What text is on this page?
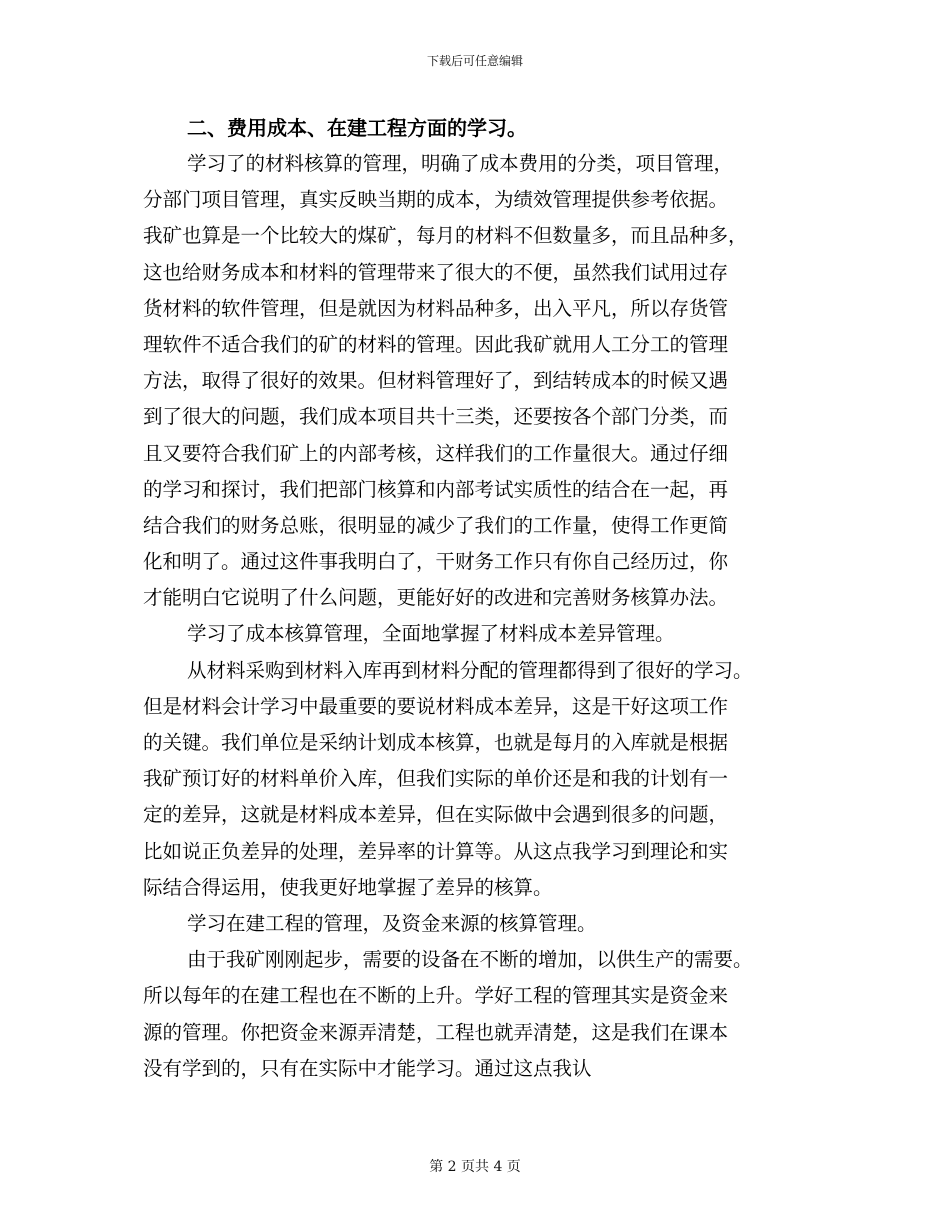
下载后可任意编辑
二、费用成本、在建工程方面的学习。
学习了的材料核算的管理，明确了成本费用的分类，项目管理，
分部门项目管理，真实反映当期的成本，为绩效管理提供参考依据。
我矿也算是一个比较大的煤矿，每月的材料不但数量多，而且品种多，
这也给财务成本和材料的管理带来了很大的不便，虽然我们试用过存
货材料的软件管理，但是就因为材料品种多，出入平凡，所以存货管
理软件不适合我们的矿的材料的管理。因此我矿就用人工分工的管理
方法，取得了很好的效果。但材料管理好了，到结转成本的时候又遇
到了很大的问题，我们成本项目共十三类，还要按各个部门分类，而
且又要符合我们矿上的内部考核，这样我们的工作量很大。通过仔细
的学习和探讨，我们把部门核算和内部考试实质性的结合在一起，再
结合我们的财务总账，很明显的减少了我们的工作量，使得工作更简
化和明了。通过这件事我明白了，干财务工作只有你自己经历过，你
才能明白它说明了什么问题，更能好好的改进和完善财务核算办法。
学习了成本核算管理，全面地掌握了材料成本差异管理。
从材料采购到材料入库再到材料分配的管理都得到了很好的学习。
但是材料会计学习中最重要的要说材料成本差异，这是干好这项工作
的关键。我们单位是采纳计划成本核算，也就是每月的入库就是根据
我矿预订好的材料单价入库，但我们实际的单价还是和我的计划有一
定的差异，这就是材料成本差异，但在实际做中会遇到很多的问题，
比如说正负差异的处理，差异率的计算等。从这点我学习到理论和实
际结合得运用，使我更好地掌握了差异的核算。
学习在建工程的管理，及资金来源的核算管理。
由于我矿刚刚起步，需要的设备在不断的增加，以供生产的需要。
所以每年的在建工程也在不断的上升。学好工程的管理其实是资金来
源的管理。你把资金来源弄清楚，工程也就弄清楚，这是我们在课本
没有学到的，只有在实际中才能学习。通过这点我认
第 2 页共 4 页
